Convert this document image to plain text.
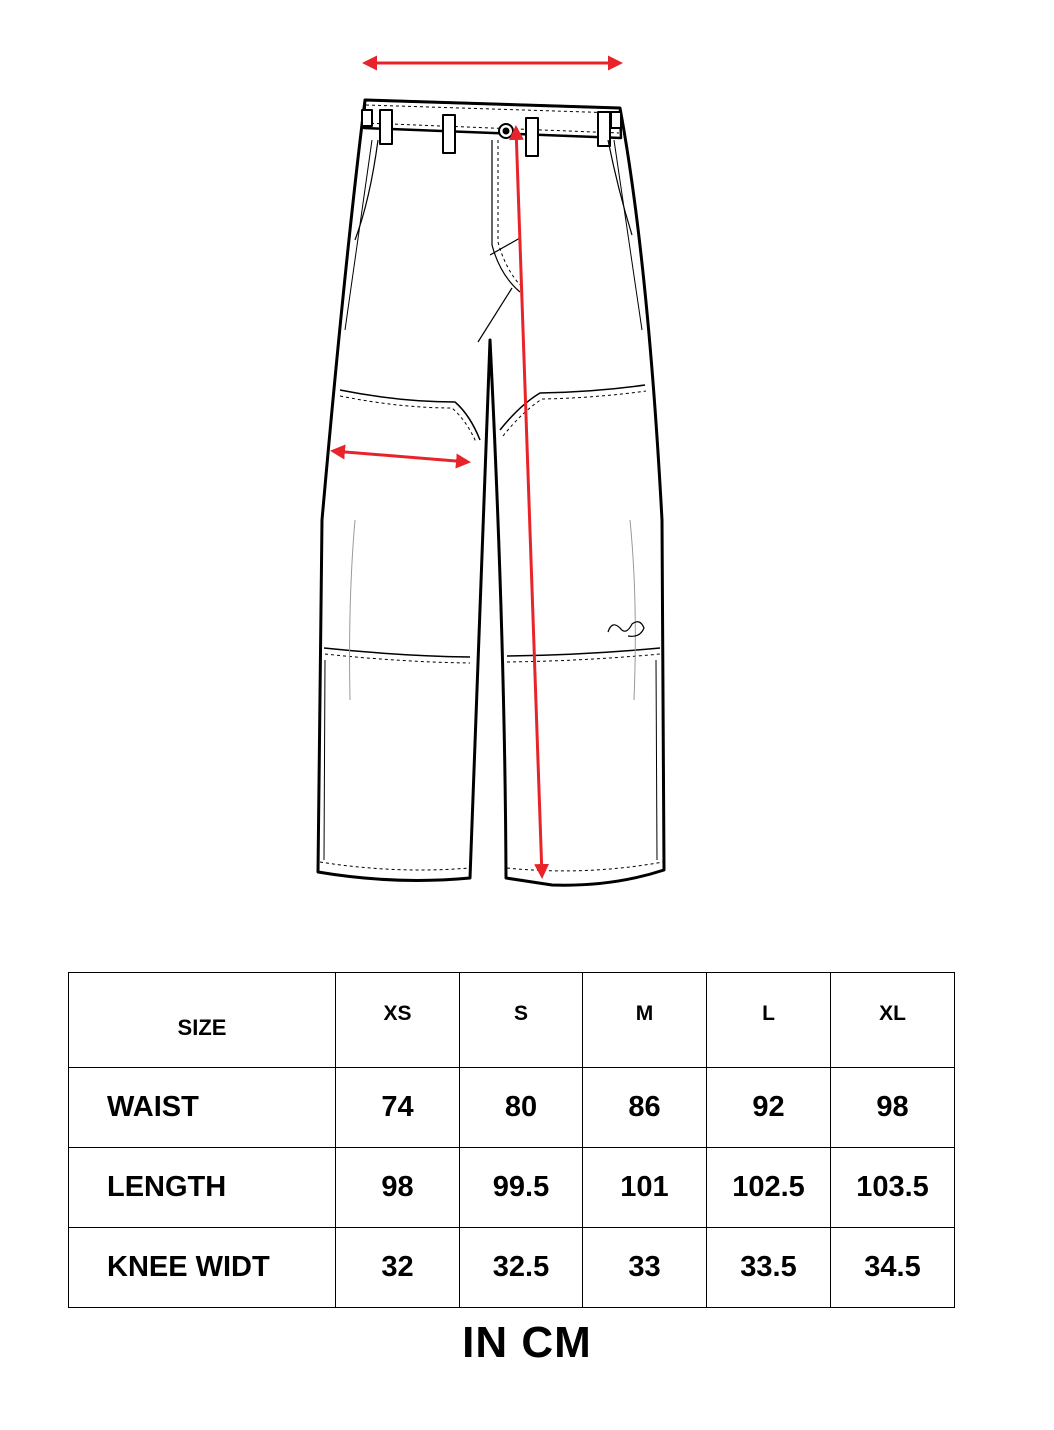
SIZE	XS	S	M	L	XL
WAIST	74	80	86	92	98
LENGTH	98	99.5	101	102.5	103.5
KNEE WIDT	32	32.5	33	33.5	34.5
IN CM
